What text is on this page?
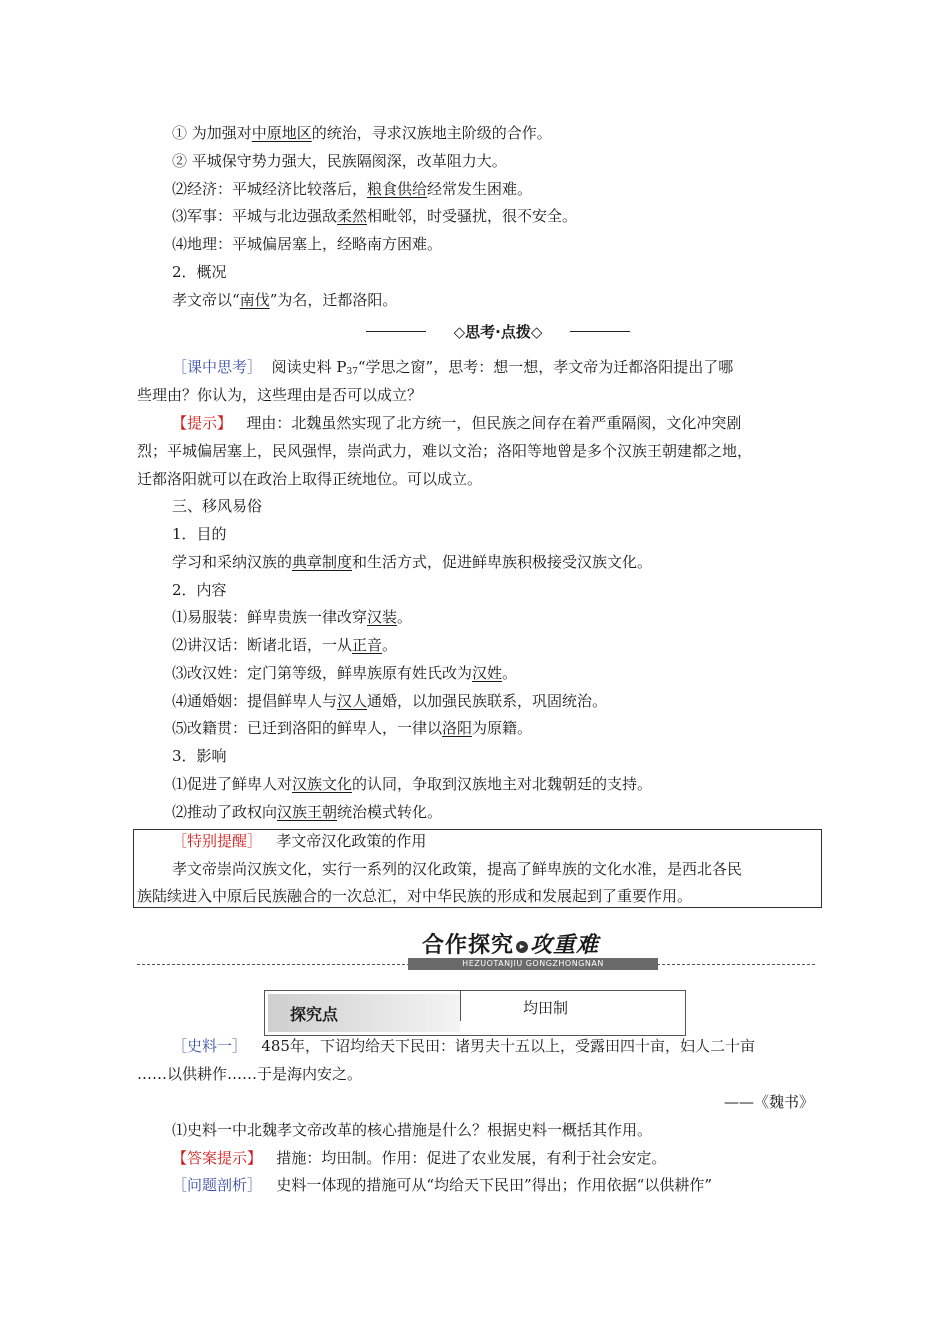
① 为加强对中原地区的统治，寻求汉族地主阶级的合作。
② 平城保守势力强大，民族隔阂深，改革阻力大。
⑵经济：平城经济比较落后，粮食供给经常发生困难。
⑶军事：平城与北边强敌柔然相毗邻，时受骚扰，很不安全。
⑷地理：平城偏居塞上，经略南方困难。
2．概况
孝文帝以“南伐”为名，迁都洛阳。
◇思考·点拨◇
［课中思考］ 阅读史料 $P_{37}“$学思之窗”，思考：想一想，孝文帝为迁都洛阳提出了哪
些理由？你认为，这些理由是否可以成立？
【提示】 理由：北魏虽然实现了北方统一，但民族之间存在着严重隔阂，文化冲突剧
烈；平城偏居塞上，民风强悍，崇尚武力，难以文治；洛阳等地曾是多个汉族王朝建都之地，
迁都洛阳就可以在政治上取得正统地位。可以成立。
三、移风易俗
1．目的
学习和采纳汉族的典章制度和生活方式，促进鲜卑族积极接受汉族文化。
2．内容
⑴易服装：鲜卑贵族一律改穿汉装。
⑵讲汉话：断诸北语，一从正音。
⑶改汉姓：定门第等级，鲜卑族原有姓氏改为汉姓。
⑷通婚姻：提倡鲜卑人与汉人通婚，以加强民族联系，巩固统治。
⑸改籍贯：已迁到洛阳的鲜卑人，一律以洛阳为原籍。
3．影响
⑴促进了鲜卑人对汉族文化的认同，争取到汉族地主对北魏朝廷的支持。
⑵推动了政权向汉族王朝统治模式转化。
［特别提醒］ 孝文帝汉化政策的作用
孝文帝崇尚汉族文化，实行一系列的汉化政策，提高了鲜卑族的文化水准，是西北各民
族陆续进入中原后民族融合的一次总汇，对中华民族的形成和发展起到了重要作用。
合作探究 ▸ 攻重难
HEZUOTANJIU GONGZHONGNAN
探究点	均田制
［史料一］ 485年，下诏均给天下民田：诸男夫十五以上，受露田四十亩，妇人二十亩
……以供耕作……于是海内安之。
——《魏书》
⑴史料一中北魏孝文帝改革的核心措施是什么？根据史料一概括其作用。
【答案提示】 措施：均田制。作用：促进了农业发展，有利于社会安定。
［问题剖析］ 史料一体现的措施可从“均给天下民田”得出；作用依据“以供耕作”
